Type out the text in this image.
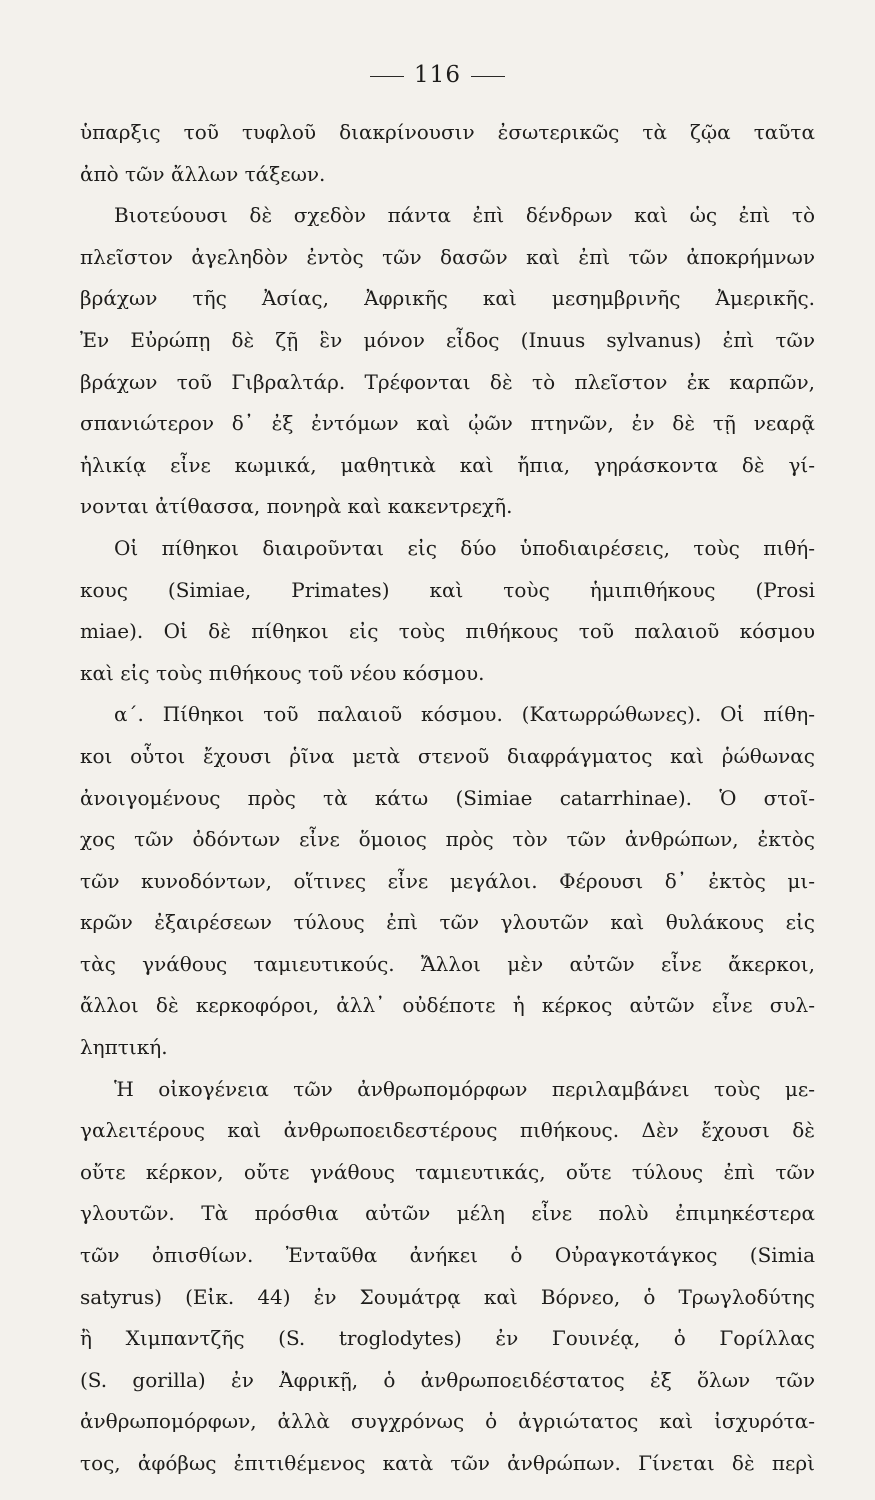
116
ὑπαρξις τοῦ τυφλοῦ διακρίνουσιν ἐσωτερικῶς τὰ ζῷα ταῦτα
ἀπὸ τῶν ἄλλων τάξεων.
Βιοτεύουσι δὲ σχεδὸν πάντα ἐπὶ δένδρων καὶ ὡς ἐπὶ τὸ
πλεῖστον ἀγεληδὸν ἐντὸς τῶν δασῶν καὶ ἐπὶ τῶν ἀποκρήμνων
βράχων τῆς Ἀσίας, Ἀφρικῆς καὶ μεσημβρινῆς Ἀμερικῆς.
Ἐν Εὐρώπῃ δὲ ζῇ ἓν μόνον εἶδος (Inuus sylvanus) ἐπὶ τῶν
βράχων τοῦ Γιβραλτάρ. Τρέφονται δὲ τὸ πλεῖστον ἐκ καρπῶν,
σπανιώτερον δ᾽ ἐξ ἐντόμων καὶ ᾠῶν πτηνῶν, ἐν δὲ τῇ νεαρᾷ
ἡλικίᾳ εἶνε κωμικά, μαθητικὰ καὶ ἤπια, γηράσκοντα δὲ γί-
νονται ἀτίθασσα, πονηρὰ καὶ κακεντρεχῆ.
Οἱ πίθηκοι διαιροῦνται εἰς δύο ὑποδιαιρέσεις, τοὺς πιθή-
κους (Simiae, Primates) καὶ τοὺς ἡμιπιθήκους (Prosi
miae). Οἱ δὲ πίθηκοι εἰς τοὺς πιθήκους τοῦ παλαιοῦ κόσμου
καὶ εἰς τοὺς πιθήκους τοῦ νέου κόσμου.
α΄. Πίθηκοι τοῦ παλαιοῦ κόσμου. (Κατωρρώθωνες). Οἱ πίθη-
κοι οὗτοι ἔχουσι ῥῖνα μετὰ στενοῦ διαφράγματος καὶ ῥώθωνας
ἀνοιγομένους πρὸς τὰ κάτω (Simiae catarrhinae). Ὁ στοῖ-
χος τῶν ὀδόντων εἶνε ὅμοιος πρὸς τὸν τῶν ἀνθρώπων, ἐκτὸς
τῶν κυνοδόντων, οἵτινες εἶνε μεγάλοι. Φέρουσι δ᾽ ἐκτὸς μι-
κρῶν ἐξαιρέσεων τύλους ἐπὶ τῶν γλουτῶν καὶ θυλάκους εἰς
τὰς γνάθους ταμιευτικούς. Ἄλλοι μὲν αὐτῶν εἶνε ἄκερκοι,
ἄλλοι δὲ κερκοφόροι, ἀλλ᾽ οὐδέποτε ἡ κέρκος αὐτῶν εἶνε συλ-
ληπτική.
Ἡ οἰκογένεια τῶν ἀνθρωπομόρφων περιλαμβάνει τοὺς με-
γαλειτέρους καὶ ἀνθρωποειδεστέρους πιθήκους. Δὲν ἔχουσι δὲ
οὔτε κέρκον, οὔτε γνάθους ταμιευτικάς, οὔτε τύλους ἐπὶ τῶν
γλουτῶν. Τὰ πρόσθια αὐτῶν μέλη εἶνε πολὺ ἐπιμηκέστερα
τῶν ὀπισθίων. Ἐνταῦθα ἀνήκει ὁ Οὐραγκοτάγκος (Simia
satyrus) (Εἰκ. 44) ἐν Σουμάτρᾳ καὶ Βόρνεο, ὁ Τρωγλοδύτης
ἢ Χιμπαντζῆς (S. troglodytes) ἐν Γουινέᾳ, ὁ Γορίλλας
(S. gorilla) ἐν Ἀφρικῇ, ὁ ἀνθρωποειδέστατος ἐξ ὅλων τῶν
ἀνθρωπομόρφων, ἀλλὰ συγχρόνως ὁ ἀγριώτατος καὶ ἰσχυρότα-
τος, ἀφόβως ἐπιτιθέμενος κατὰ τῶν ἀνθρώπων. Γίνεται δὲ περὶ
